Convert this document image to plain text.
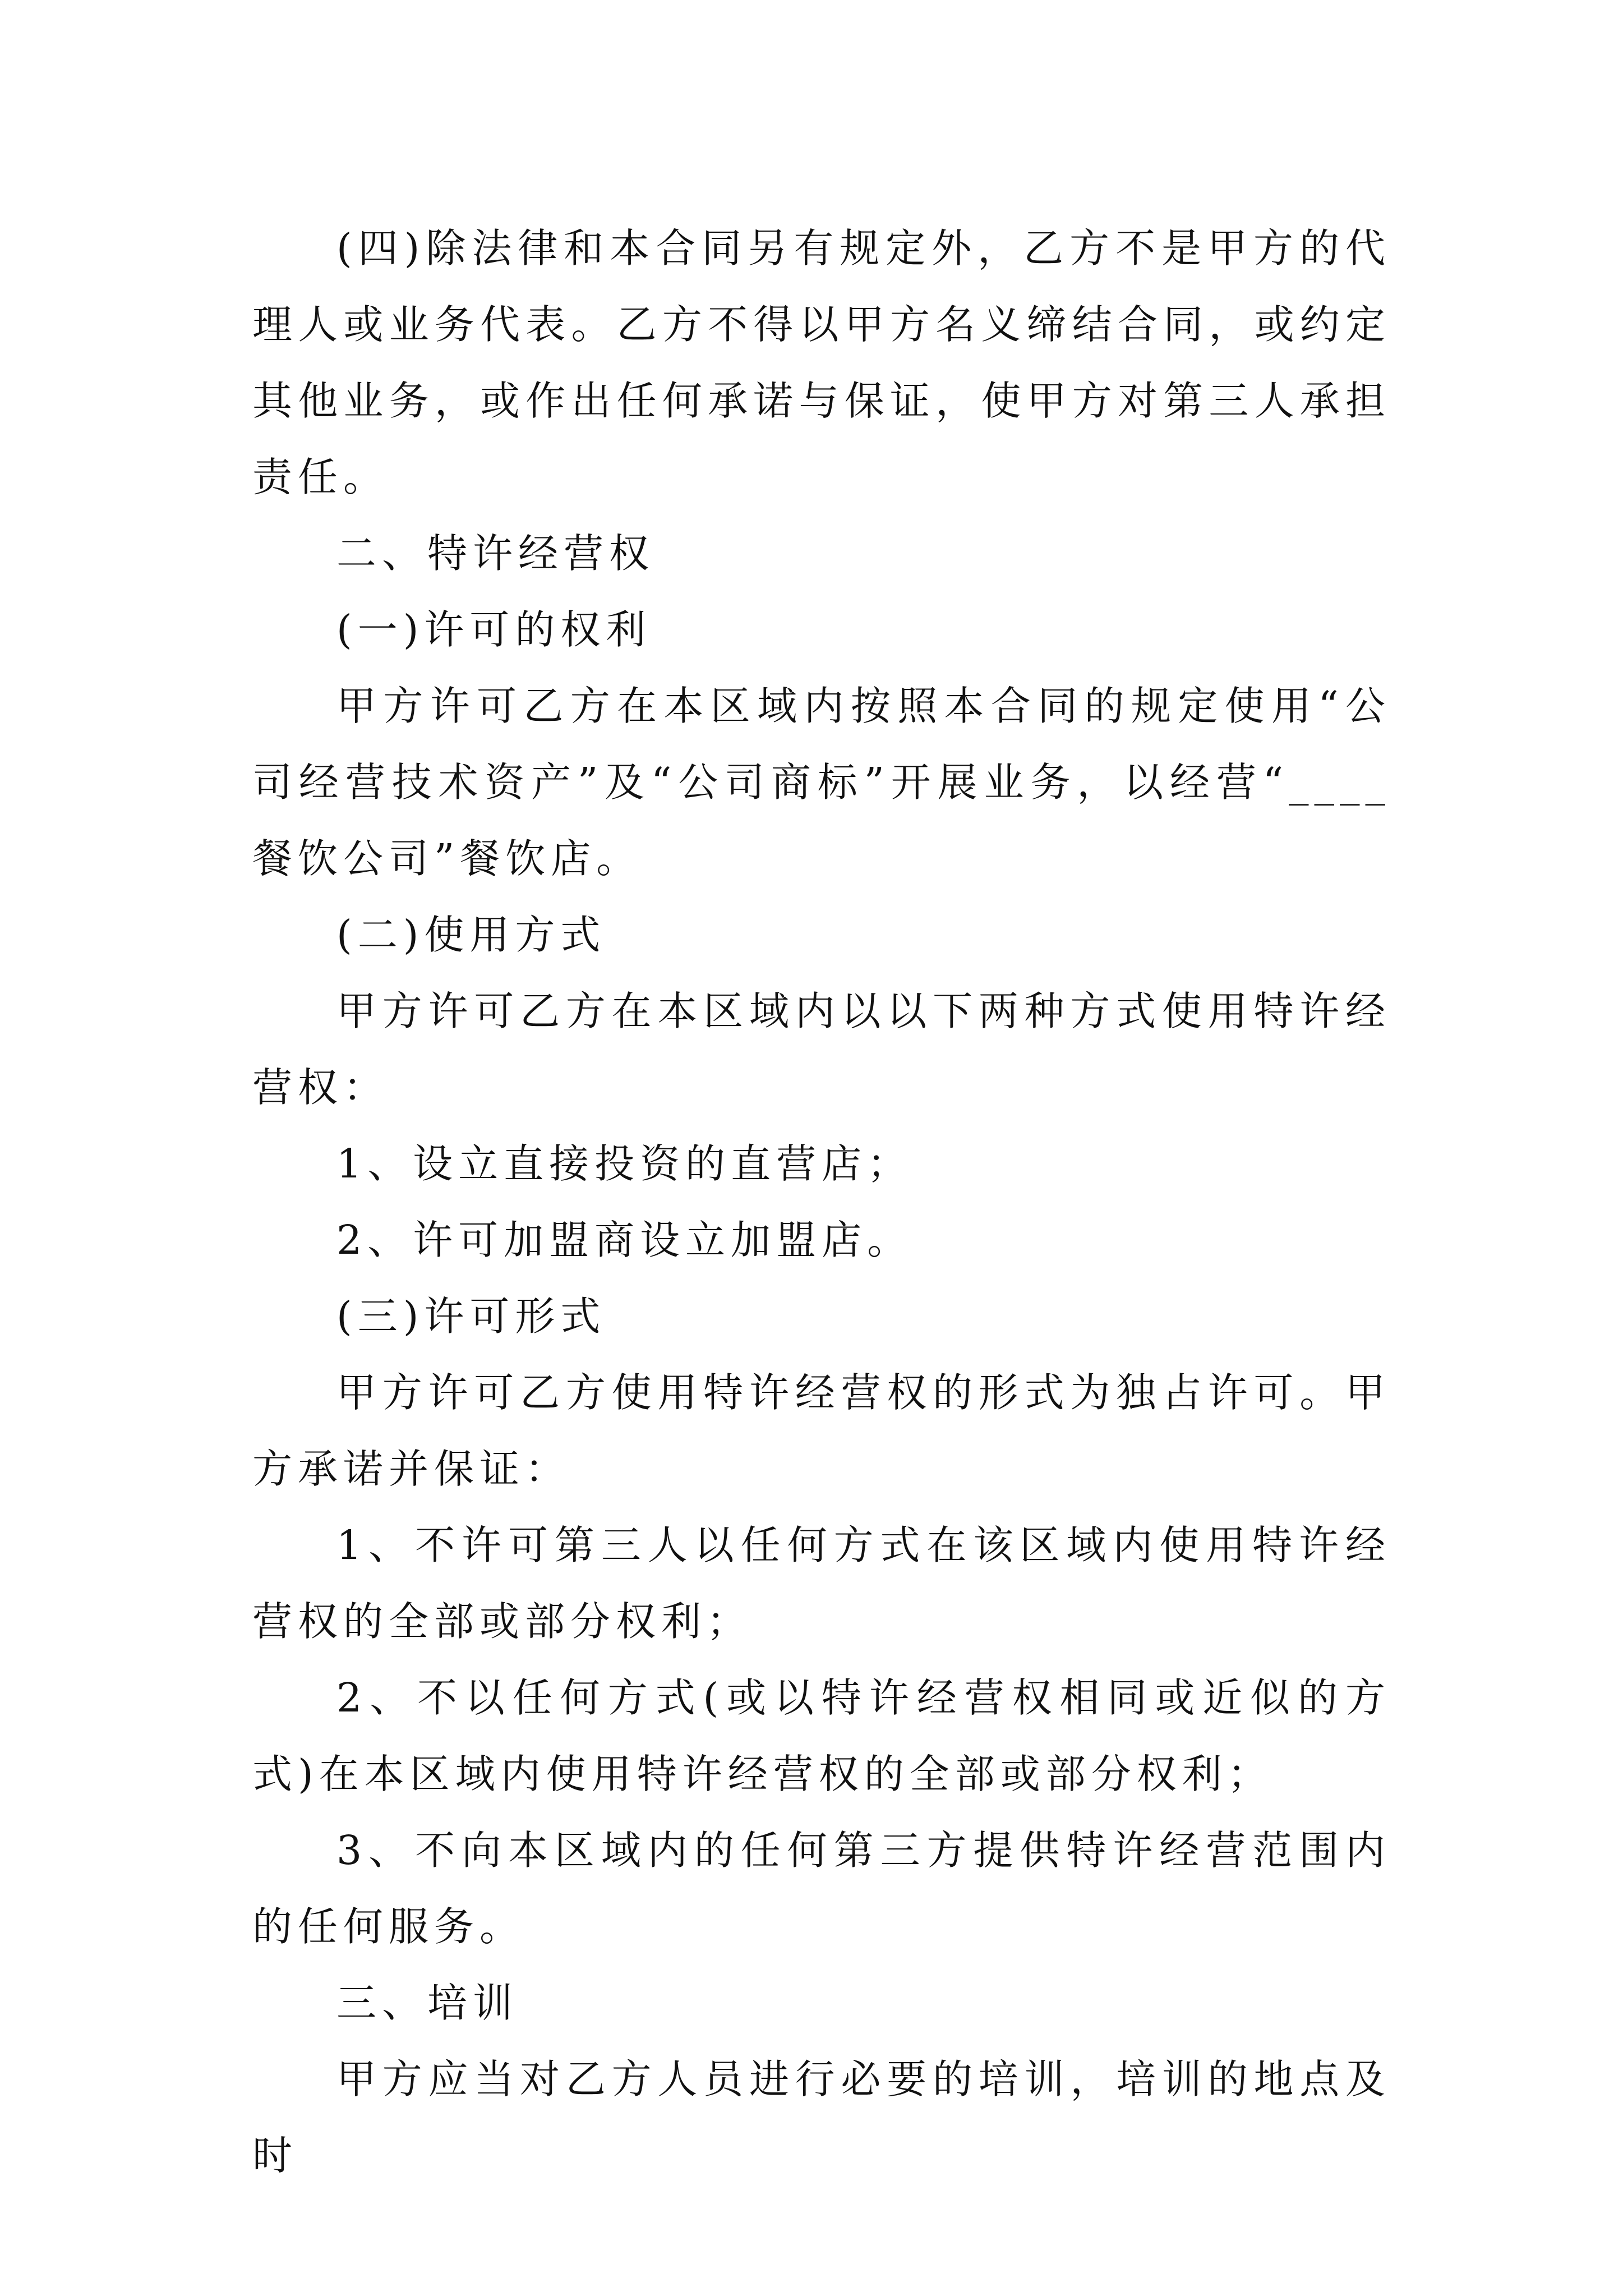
(四)除法律和本合同另有规定外，乙方不是甲方的代理人或业务代表。乙方不得以甲方名义缔结合同，或约定其他业务，或作出任何承诺与保证，使甲方对第三人承担责任。

二、特许经营权

(一)许可的权利

甲方许可乙方在本区域内按照本合同的规定使用“公司经营技术资产”及“公司商标”开展业务，以经营“____餐饮公司”餐饮店。

(二)使用方式

甲方许可乙方在本区域内以以下两种方式使用特许经营权：

1、设立直接投资的直营店；

2、许可加盟商设立加盟店。

(三)许可形式

甲方许可乙方使用特许经营权的形式为独占许可。甲方承诺并保证：

1、不许可第三人以任何方式在该区域内使用特许经营权的全部或部分权利；

2、不以任何方式(或以特许经营权相同或近似的方式)在本区域内使用特许经营权的全部或部分权利；

3、不向本区域内的任何第三方提供特许经营范围内的任何服务。

三、培训

甲方应当对乙方人员进行必要的培训，培训的地点及时
